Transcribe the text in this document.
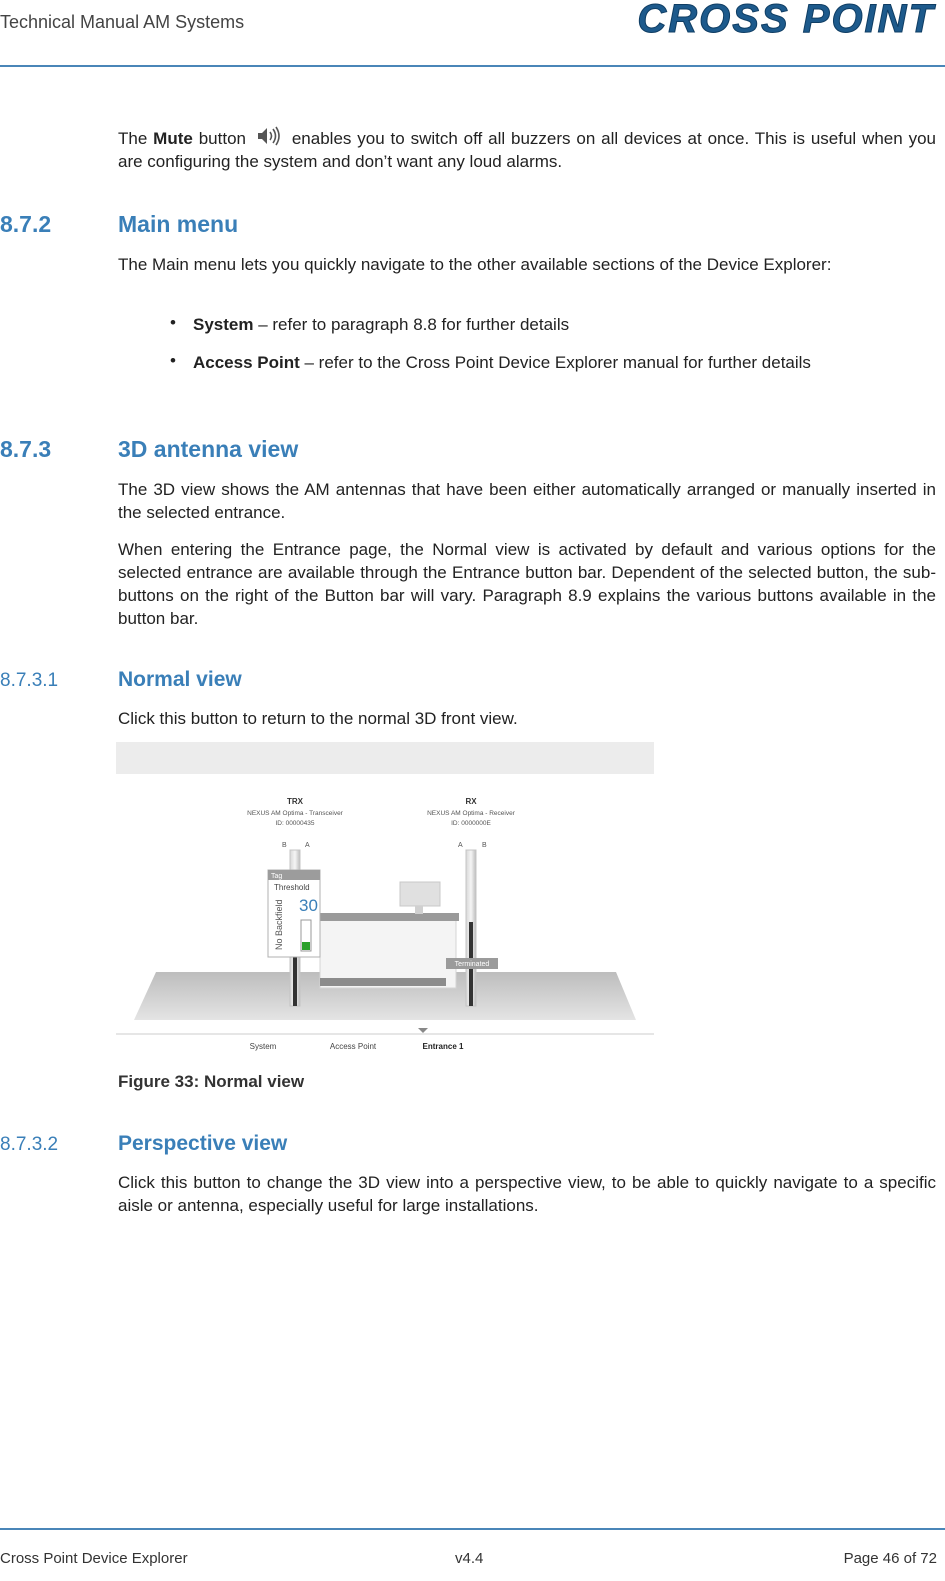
Technical Manual AM Systems	CROSS POINT

The Mute button enables you to switch off all buzzers on all devices at once. This is useful when you are configuring the system and don’t want any loud alarms.

8.7.2	Main menu

The Main menu lets you quickly navigate to the other available sections of the Device Explorer:

• System – refer to paragraph 8.8 for further details
• Access Point – refer to the Cross Point Device Explorer manual for further details
8.7.3	3D antenna view

The 3D view shows the AM antennas that have been either automatically arranged or manually inserted in the selected entrance.

When entering the Entrance page, the Normal view is activated by default and various options for the selected entrance are available through the Entrance button bar. Dependent of the selected button, the sub-buttons on the right of the Button bar will vary. Paragraph 8.9 explains the various buttons available in the button bar.

8.7.3.1	Normal view

Click this button to return to the normal 3D front view.

Terminated
Tag
Threshold
30
No Backfield
TRX
NEXUS AM Optima - Transceiver
ID: 00000435
RX
NEXUS AM Optima - Receiver
ID: 0000000E
B	A	A	B
System	Access Point	Entrance 1
Figure 33: Normal view
8.7.3.2	Perspective view

Click this button to change the 3D view into a perspective view, to be able to quickly navigate to a specific aisle or antenna, especially useful for large installations.

Cross Point Device Explorer	v4.4	Page 46 of 72
